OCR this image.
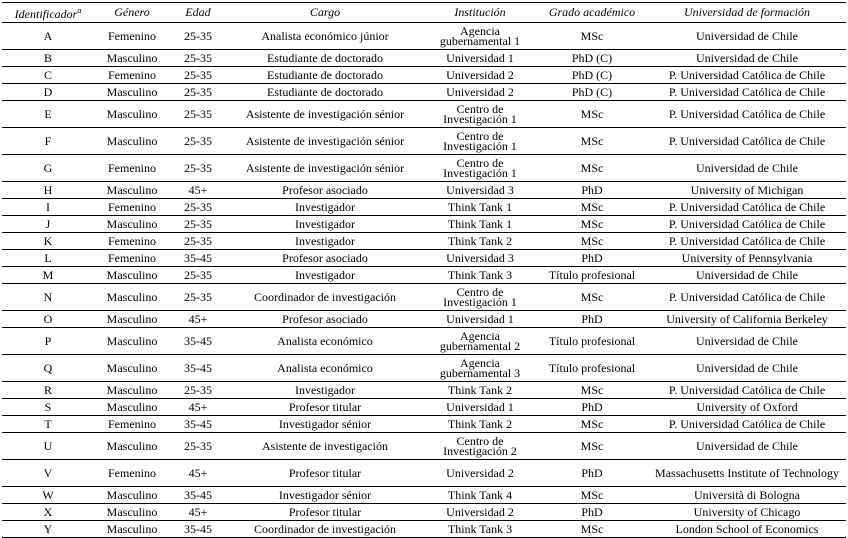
Identificador$^a$	Género	Edad	Cargo	Institución	Grado académico	Universidad de formación
A	Femenino	25-35	Analista económico júnior	Agencia gubernamental 1	MSc	Universidad de Chile
B	Masculino	25-35	Estudiante de doctorado	Universidad 1	PhD (C)	Universidad de Chile
C	Femenino	25-35	Estudiante de doctorado	Universidad 2	PhD (C)	P. Universidad Católica de Chile
D	Masculino	25-35	Estudiante de doctorado	Universidad 2	PhD (C)	P. Universidad Católica de Chile
E	Masculino	25-35	Asistente de investigación sénior	Centro de Investigación 1	MSc	P. Universidad Católica de Chile
F	Masculino	25-35	Asistente de investigación sénior	Centro de Investigación 1	MSc	P. Universidad Católica de Chile
G	Femenino	25-35	Asistente de investigación sénior	Centro de Investigación 1	MSc	Universidad de Chile
H	Masculino	45+	Profesor asociado	Universidad 3	PhD	University of Michigan
I	Femenino	25-35	Investigador	Think Tank 1	MSc	P. Universidad Católica de Chile
J	Masculino	25-35	Investigador	Think Tank 1	MSc	P. Universidad Católica de Chile
K	Femenino	25-35	Investigador	Think Tank 2	MSc	P. Universidad Católica de Chile
L	Femenino	35-45	Profesor asociado	Universidad 3	PhD	University of Pennsylvania
M	Masculino	25-35	Investigador	Think Tank 3	Título profesional	Universidad de Chile
N	Masculino	25-35	Coordinador de investigación	Centro de Investigación 1	MSc	P. Universidad Católica de Chile
O	Masculino	45+	Profesor asociado	Universidad 1	PhD	University of California Berkeley
P	Masculino	35-45	Analista económico	Agencia gubernamental 2	Título profesional	Universidad de Chile
Q	Masculino	35-45	Analista económico	Agencia gubernamental 3	Título profesional	Universidad de Chile
R	Masculino	25-35	Investigador	Think Tank 2	MSc	P. Universidad Católica de Chile
S	Masculino	45+	Profesor titular	Universidad 1	PhD	University of Oxford
T	Femenino	35-45	Investigador sénior	Think Tank 2	MSc	P. Universidad Católica de Chile
U	Masculino	25-35	Asistente de investigación	Centro de Investigación 2	MSc	Universidad de Chile
V	Femenino	45+	Profesor titular	Universidad 2	PhD	Massachusetts Institute of Technology
W	Masculino	35-45	Investigador sénior	Think Tank 4	MSc	Università di Bologna
X	Masculino	45+	Profesor titular	Universidad 2	PhD	University of Chicago
Y	Masculino	35-45	Coordinador de investigación	Think Tank 3	MSc	London School of Economics
